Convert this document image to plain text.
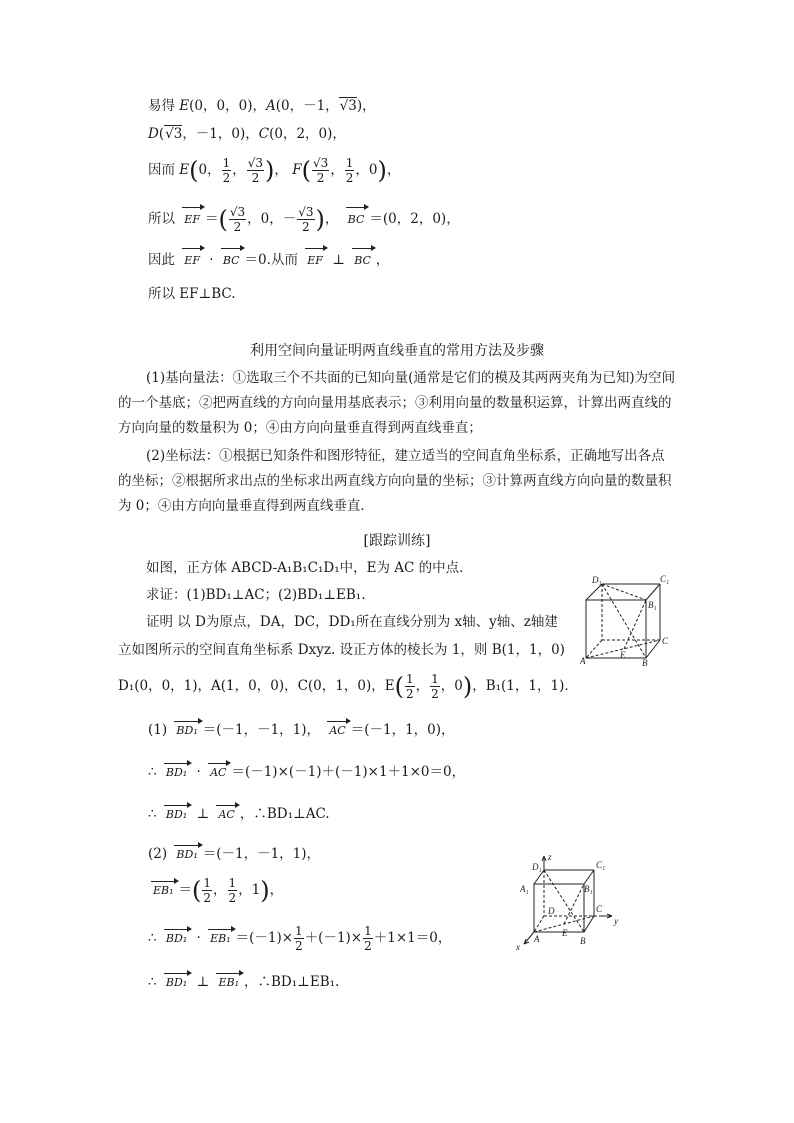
易得 E(0，0，0)，A(0，－1，√3)，
D(√3，－1，0)，C(0，2，0)，
因而 E(0， $\frac{1}{2}$ ， $\frac{√3}{2}$ )， $F( \frac{√3}{2}$ ， $\frac{1}{2}$ ，0)，
所以 EF ＝( $\frac{√3}{2}$ ，0，－ $\frac{√3}{2}$ )， BC ＝(0，2，0)，
因此 EF · BC ＝0.从而 EF ⊥ BC ，
所以 EF⊥BC.
利用空间向量证明两直线垂直的常用方法及步骤
(1)基向量法：①选取三个不共面的已知向量(通常是它们的模及其两两夹角为已知)为空间的一个基底；②把两直线的方向向量用基底表示；③利用向量的数量积运算，计算出两直线的方向向量的数量积为 0；④由方向向量垂直得到两直线垂直；
(2)坐标法：①根据已知条件和图形特征，建立适当的空间直角坐标系，正确地写出各点的坐标；②根据所求出点的坐标求出两直线方向向量的坐标；③计算两直线方向向量的数量积为 0；④由方向向量垂直得到两直线垂直．
[跟踪训练]
如图，正方体 ABCD-A₁B₁C₁D₁中，E为 AC 的中点．
求证：(1)BD₁⊥AC；(2)BD₁⊥EB₁.
证明 以 D为原点，DA，DC，DD₁所在直线分别为 x轴、y轴、z轴建
立如图所示的空间直角坐标系 Dxyz. 设正方体的棱长为 1，则 B(1，1，0)
D₁(0，0，1)，A(1，0，0)，C(0，1，0)，$E( \frac{1}{2}$ ， $\frac{1}{2}$ ，0)，B₁(1，1，1)．
(1) BD₁ ＝(－1，－1，1)， AC ＝(－1，1，0)，
∴ BD₁ · AC ＝(－1)×(－1)＋(－1)×1＋1×0＝0，
∴ BD₁ ⊥ AC ，∴BD₁⊥AC.
(2) BD₁ ＝(－1，－1，1)，
EB₁ ＝( $\frac{1}{2}$ ， $\frac{1}{2}$ ，1)，
∴ $BD_1 \cdot EB_1 =(-1)\times \frac{1}{2} +(-1)\times \frac{1}{2} +1\times 1=0$，
∴ BD₁ ⊥ EB₁ ，∴BD₁⊥EB₁.
D₁	C₁
B₁
C
A	B
E
z
D₁	C₁
A₁	B₁
D	C
y
A
E
B
x
